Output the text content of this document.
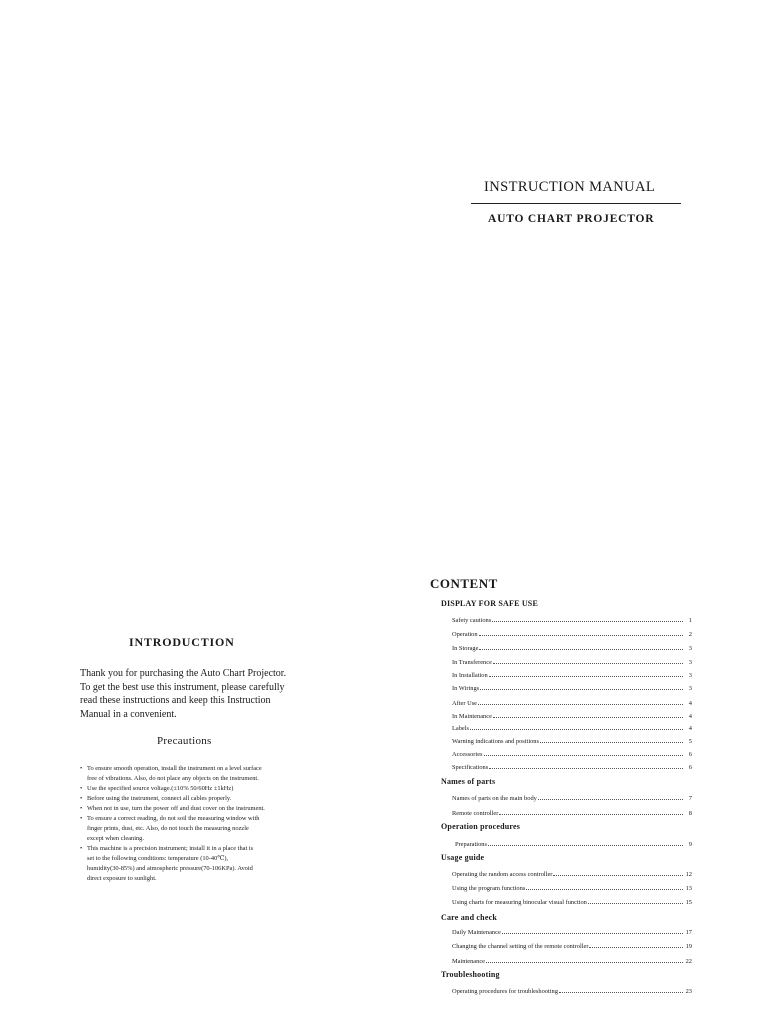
INSTRUCTION MANUAL
AUTO CHART PROJECTOR
INTRODUCTION

Thank you for purchasing the Auto Chart Projector.
To get the best use this instrument, please carefully
read these instructions and keep this Instruction
Manual in a convenient.

Precautions
• To ensure smooth operation, install the instrument on a level surface
free of vibrations. Also, do not place any objects on the instrument.
• Use the specified source voltage.(±10% 50/60Hz ±1kHz)
• Before using the instrument, connect all cables properly.
• When not in use, turn the power off and dust cover on the instrument.
• To ensure a correct reading, do not soil the measuring window with
finger prints, dust, etc. Also, do not touch the measuring nozzle
except when cleaning.
• This machine is a precision instrument; install it in a place that is
set to the following conditions: temperature (10-40℃),
humidity(30-85%) and atmospheric pressure(70-106KPa). Avoid
direct exposure to sunlight.
CONTENT
DISPLAY FOR SAFE USE
Safety cautions	1
Operation	2
In Storage	3
In Transference	3
In Installation	3
In Wirings	3
After Use	4
In Maintenance	4
Labels	4
Warning indications and positions	5
Accessories	6
Specifications	6
Names of parts
Names of parts on the main body	7
Remote controller	8
Operation procedures
Preparations	9
Usage guide
Operating the random access controller	12
Using the program functions	13
Using charts for measuring binocular visual function	15
Care and check
Daily Maintenance	17
Changing the channel setting of the remote controller	19
Maintenance	22
Troubleshooting
Operating procedures for troubleshooting	23
